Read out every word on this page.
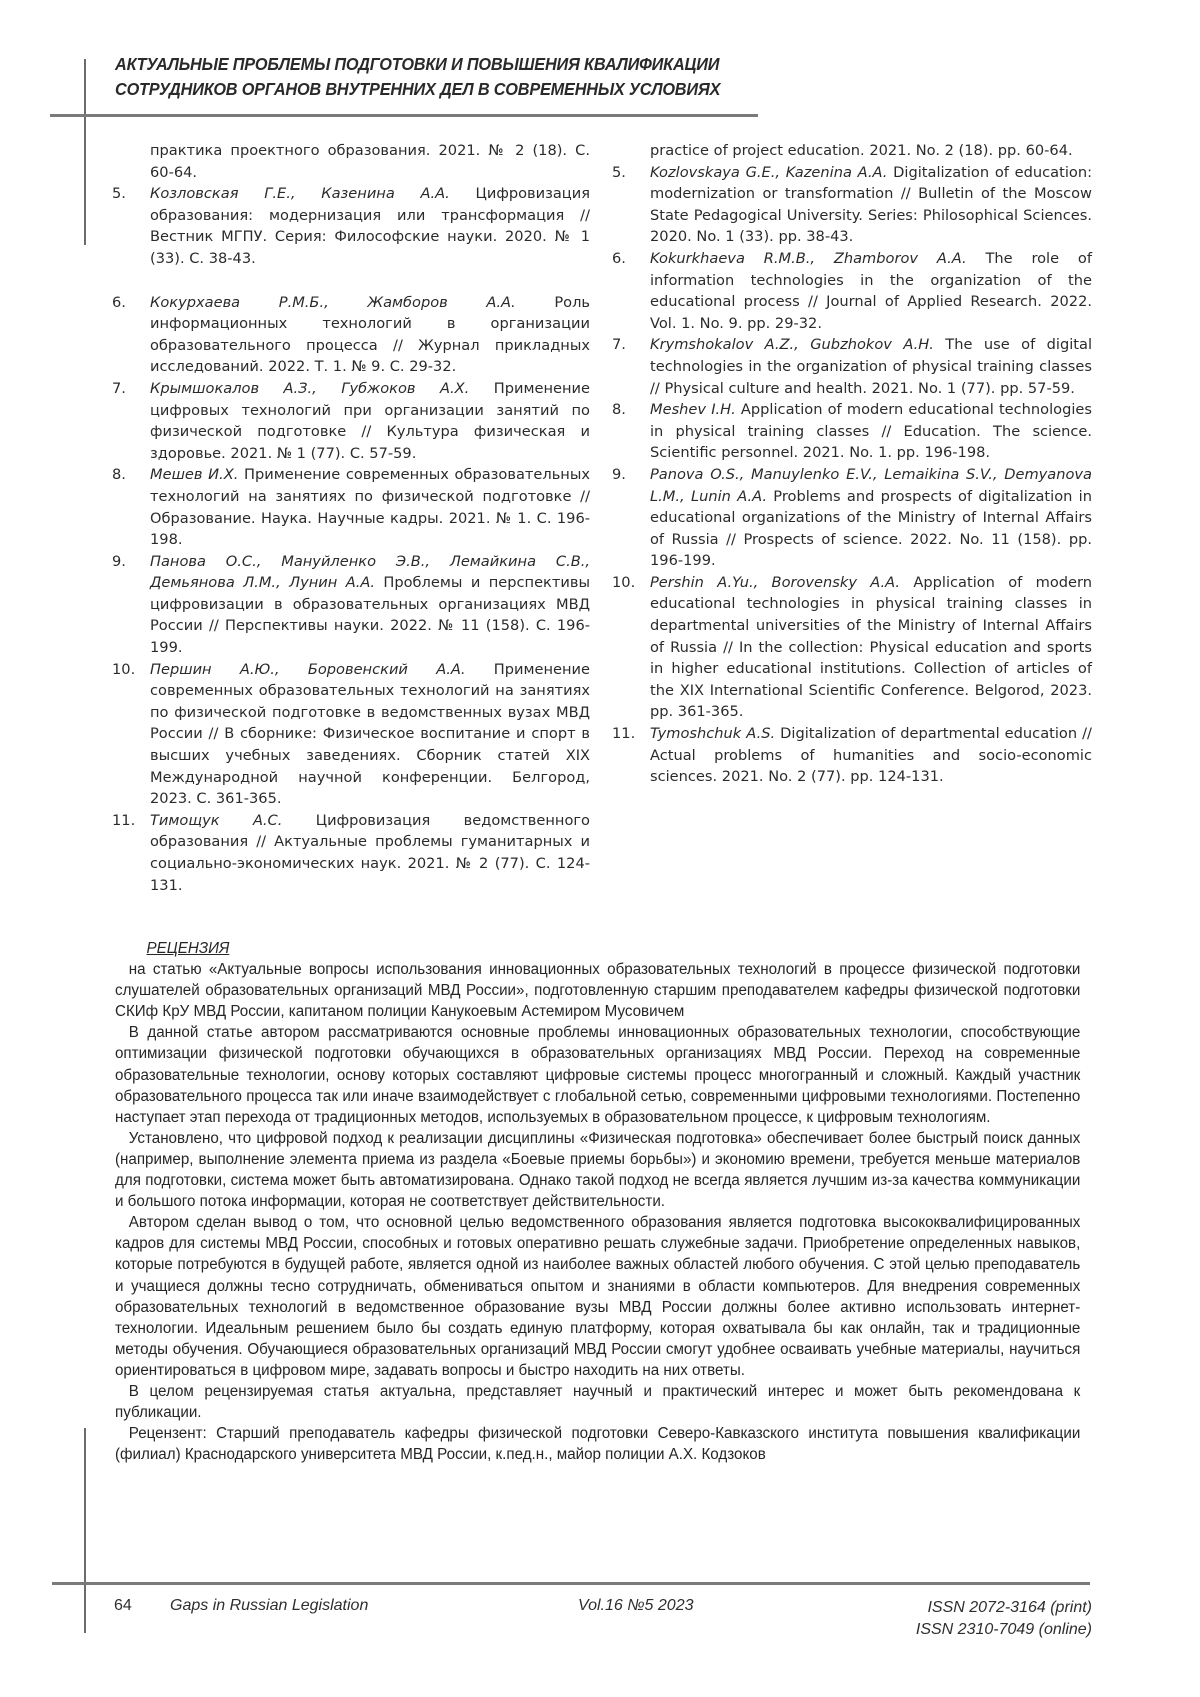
АКТУАЛЬНЫЕ ПРОБЛЕМЫ ПОДГОТОВКИ И ПОВЫШЕНИЯ КВАЛИФИКАЦИИ
СОТРУДНИКОВ ОРГАНОВ ВНУТРЕННИХ ДЕЛ В СОВРЕМЕННЫХ УСЛОВИЯХ
практика проектного образования. 2021. № 2 (18). С. 60-64.
5. Козловская Г.Е., Казенина А.А. Цифровизация образования: модернизация или трансформация // Вестник МГПУ. Серия: Философские науки. 2020. № 1 (33). С. 38-43.
6. Кокурхаева Р.М.Б., Жамборов А.А. Роль информационных технологий в организации образовательного процесса // Журнал прикладных исследований. 2022. Т. 1. № 9. С. 29-32.
7. Крымшокалов А.З., Губжоков А.Х. Применение цифровых технологий при организации занятий по физической подготовке // Культура физическая и здоровье. 2021. № 1 (77). С. 57-59.
8. Мешев И.Х. Применение современных образовательных технологий на занятиях по физической подготовке // Образование. Наука. Научные кадры. 2021. № 1. С. 196-198.
9. Панова О.С., Мануйленко Э.В., Лемайкина С.В., Демьянова Л.М., Лунин А.А. Проблемы и перспективы цифровизации в образовательных организациях МВД России // Перспективы науки. 2022. № 11 (158). С. 196-199.
10. Першин А.Ю., Боровенский А.А. Применение современных образовательных технологий на занятиях по физической подготовке в ведомственных вузах МВД России // В сборнике: Физическое воспитание и спорт в высших учебных заведениях. Сборник статей XIX Международной научной конференции. Белгород, 2023. С. 361-365.
11. Тимощук А.С. Цифровизация ведомственного образования // Актуальные проблемы гуманитарных и социально-экономических наук. 2021. № 2 (77). С. 124-131.
practice of project education. 2021. No. 2 (18). pp. 60-64.
5. Kozlovskaya G.E., Kazenina A.A. Digitalization of education: modernization or transformation // Bulletin of the Moscow State Pedagogical University. Series: Philosophical Sciences. 2020. No. 1 (33). pp. 38-43.
6. Kokurkhaeva R.M.B., Zhamborov A.A. The role of information technologies in the organization of the educational process // Journal of Applied Research. 2022. Vol. 1. No. 9. pp. 29-32.
7. Krymshokalov A.Z., Gubzhokov A.H. The use of digital technologies in the organization of physical training classes // Physical culture and health. 2021. No. 1 (77). pp. 57-59.
8. Meshev I.H. Application of modern educational technologies in physical training classes // Education. The science. Scientific personnel. 2021. No. 1. pp. 196-198.
9. Panova O.S., Manuylenko E.V., Lemaikina S.V., Demyanova L.M., Lunin A.A. Problems and prospects of digitalization in educational organizations of the Ministry of Internal Affairs of Russia // Prospects of science. 2022. No. 11 (158). pp. 196-199.
10. Pershin A.Yu., Borovensky A.A. Application of modern educational technologies in physical training classes in departmental universities of the Ministry of Internal Affairs of Russia // In the collection: Physical education and sports in higher educational institutions. Collection of articles of the XIX International Scientific Conference. Belgorod, 2023. pp. 361-365.
11. Tymoshchuk A.S. Digitalization of departmental education // Actual problems of humanities and socio-economic sciences. 2021. No. 2 (77). pp. 124-131.
РЕЦЕНЗИЯ

на статью «Актуальные вопросы использования инновационных образовательных технологий в процессе физической подготовки слушателей образовательных организаций МВД России», подготовленную старшим преподавателем кафедры физической подготовки СКИф КрУ МВД России, капитаном полиции Канукоевым Астемиром Мусовичем

В данной статье автором рассматриваются основные проблемы инновационных образовательных технологии, способствующие оптимизации физической подготовки обучающихся в образовательных организациях МВД России. Переход на современные образовательные технологии, основу которых составляют цифровые системы процесс многогранный и сложный. Каждый участник образовательного процесса так или иначе взаимодействует с глобальной сетью, современными цифровыми технологиями. Постепенно наступает этап перехода от традиционных методов, используемых в образовательном процессе, к цифровым технологиям.

Установлено, что цифровой подход к реализации дисциплины «Физическая подготовка» обеспечивает более быстрый поиск данных (например, выполнение элемента приема из раздела «Боевые приемы борьбы») и экономию времени, требуется меньше материалов для подготовки, система может быть автоматизирована. Однако такой подход не всегда является лучшим из-за качества коммуникации и большого потока информации, которая не соответствует действительности.

Автором сделан вывод о том, что основной целью ведомственного образования является подготовка высококвалифицированных кадров для системы МВД России, способных и готовых оперативно решать служебные задачи. Приобретение определенных навыков, которые потребуются в будущей работе, является одной из наиболее важных областей любого обучения. С этой целью преподаватель и учащиеся должны тесно сотрудничать, обмениваться опытом и знаниями в области компьютеров. Для внедрения современных образовательных технологий в ведомственное образование вузы МВД России должны более активно использовать интернет-технологии. Идеальным решением было бы создать единую платформу, которая охватывала бы как онлайн, так и традиционные методы обучения. Обучающиеся образовательных организаций МВД России смогут удобнее осваивать учебные материалы, научиться ориентироваться в цифровом мире, задавать вопросы и быстро находить на них ответы.

В целом рецензируемая статья актуальна, представляет научный и практический интерес и может быть рекомендована к публикации.

Рецензент: Старший преподаватель кафедры физической подготовки Северо-Кавказского института повышения квалификации (филиал) Краснодарского университета МВД России, к.пед.н., майор полиции А.Х. Кодзоков

64 Gaps in Russian Legislation	Vol.16 №5 2023	ISSN 2072-3164 (print)
ISSN 2310-7049 (online)
